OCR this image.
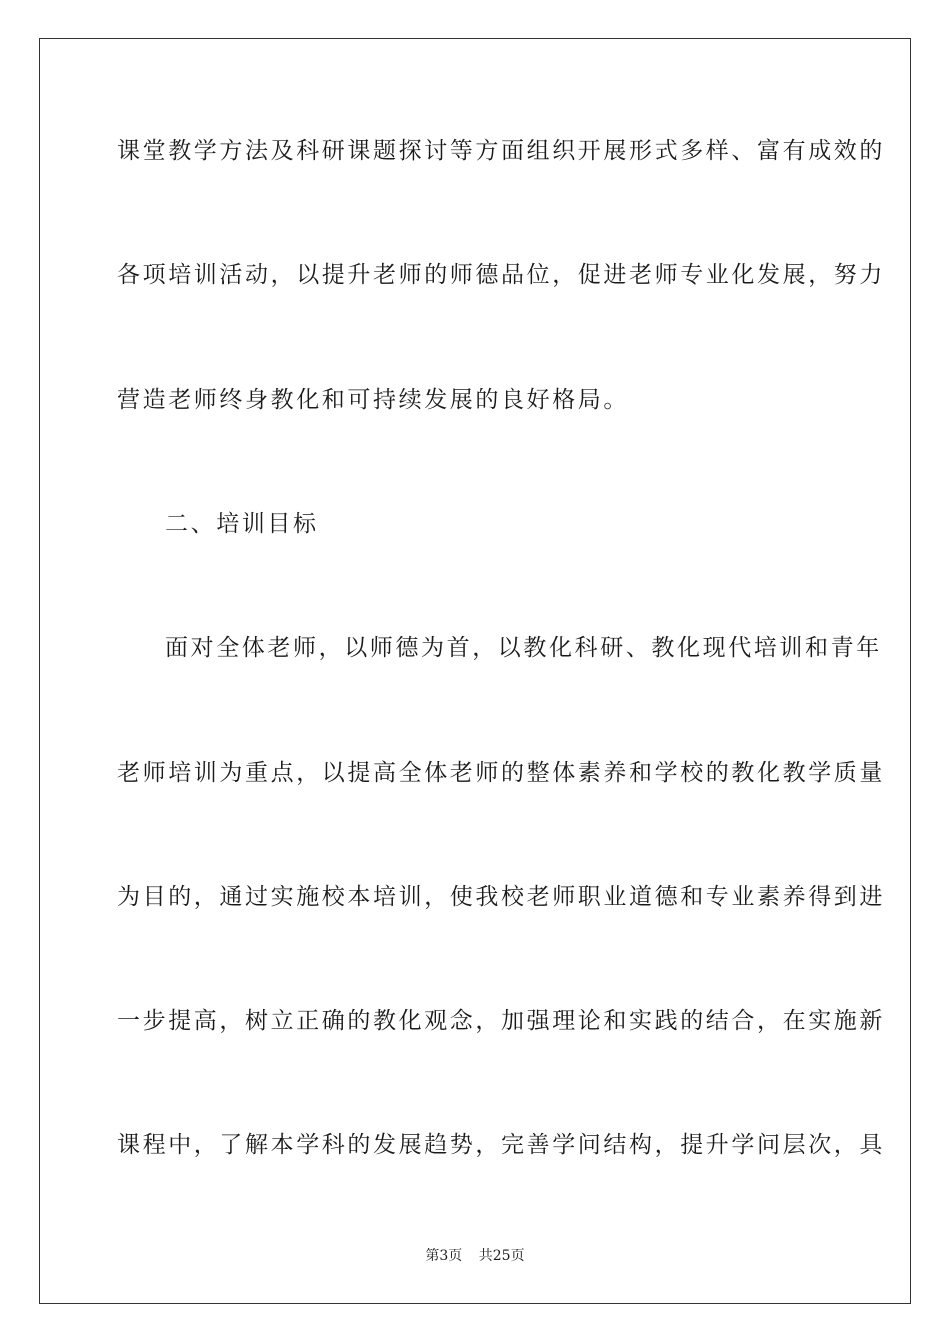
课堂教学方法及科研课题探讨等方面组织开展形式多样、富有成效的
各项培训活动，以提升老师的师德品位，促进老师专业化发展，努力
营造老师终身教化和可持续发展的良好格局。
二、培训目标
面对全体老师，以师德为首，以教化科研、教化现代培训和青年
老师培训为重点，以提高全体老师的整体素养和学校的教化教学质量
为目的，通过实施校本培训，使我校老师职业道德和专业素养得到进
一步提高，树立正确的教化观念，加强理论和实践的结合，在实施新
课程中，了解本学科的发展趋势，完善学问结构，提升学问层次，具
第3页 共25页
